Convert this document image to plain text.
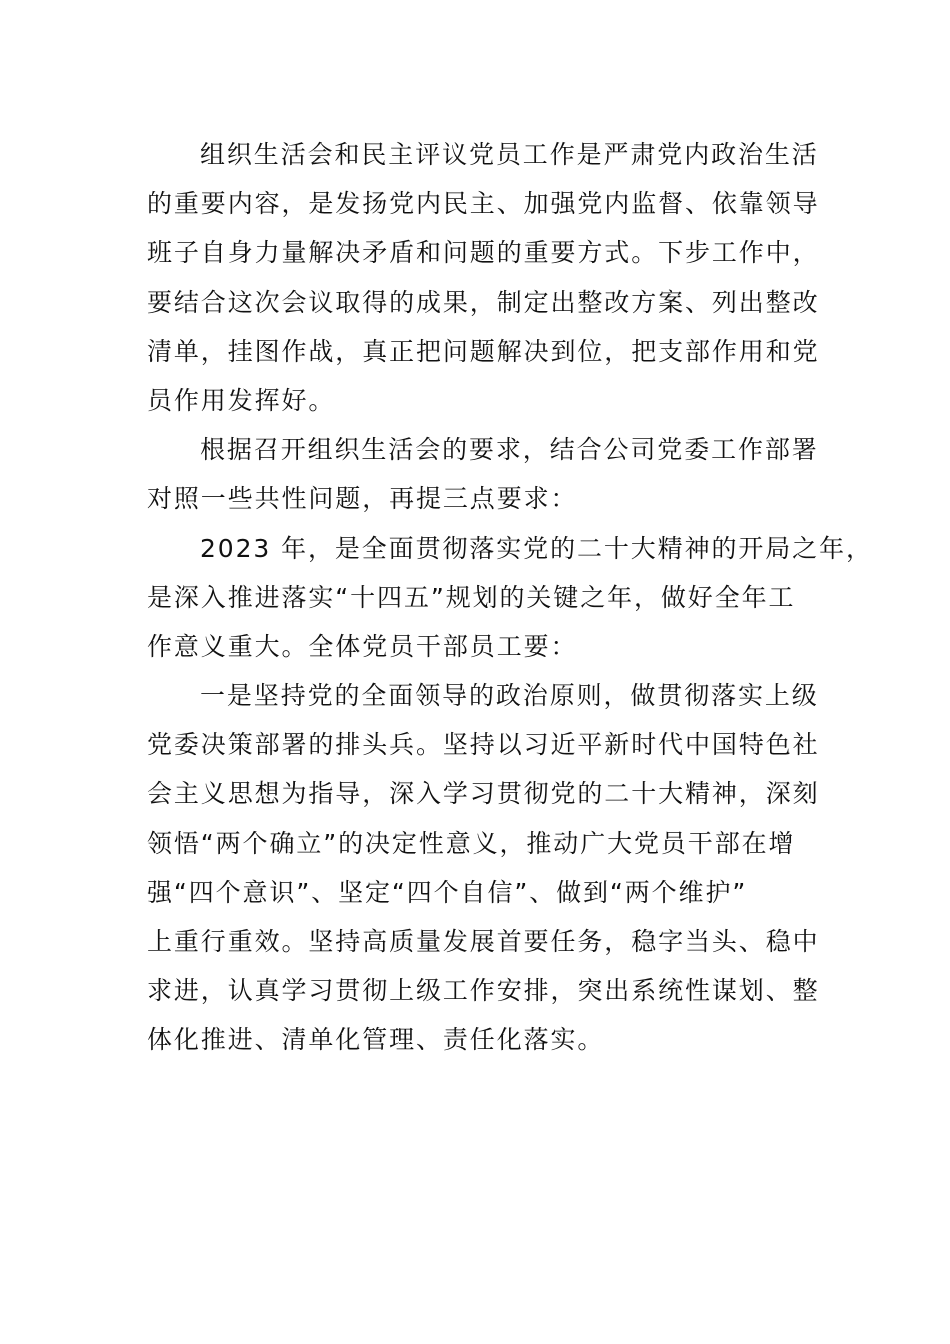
组织生活会和民主评议党员工作是严肃党内政治生活
的重要内容，是发扬党内民主、加强党内监督、依靠领导
班子自身力量解决矛盾和问题的重要方式。下步工作中，
要结合这次会议取得的成果，制定出整改方案、列出整改
清单，挂图作战，真正把问题解决到位，把支部作用和党
员作用发挥好。

根据召开组织生活会的要求，结合公司党委工作部署
对照一些共性问题，再提三点要求：

2023 年，是全面贯彻落实党的二十大精神的开局之年，
是深入推进落实“十四五”规划的关键之年，做好全年工
作意义重大。全体党员干部员工要：

一是坚持党的全面领导的政治原则，做贯彻落实上级
党委决策部署的排头兵。坚持以习近平新时代中国特色社
会主义思想为指导，深入学习贯彻党的二十大精神，深刻
领悟“两个确立”的决定性意义，推动广大党员干部在增
强“四个意识”、坚定“四个自信”、做到“两个维护”
上重行重效。坚持高质量发展首要任务，稳字当头、稳中
求进，认真学习贯彻上级工作安排，突出系统性谋划、整
体化推进、清单化管理、责任化落实。
